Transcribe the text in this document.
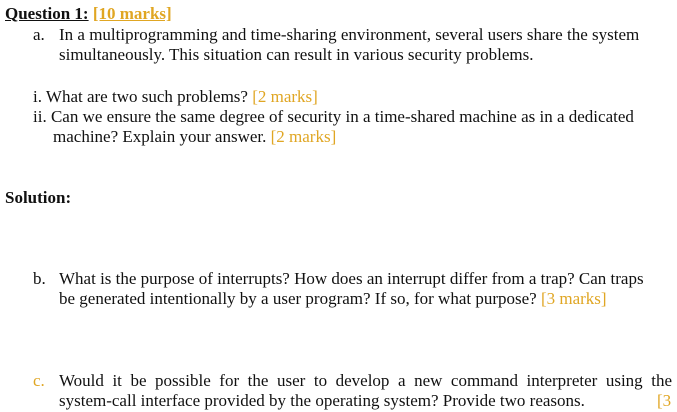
Question 1: [10 marks]
a. In a multiprogramming and time-sharing environment, several users share the system
simultaneously. This situation can result in various security problems.
i. What are two such problems? [2 marks]
ii. Can we ensure the same degree of security in a time-shared machine as in a dedicated
machine? Explain your answer. [2 marks]
Solution:
b. What is the purpose of interrupts? How does an interrupt differ from a trap? Can traps
be generated intentionally by a user program? If so, for what purpose? [3 marks]
c. Would it be possible for the user to develop a new command interpreter using the
system-call interface provided by the operating system? Provide two reasons.	[3
